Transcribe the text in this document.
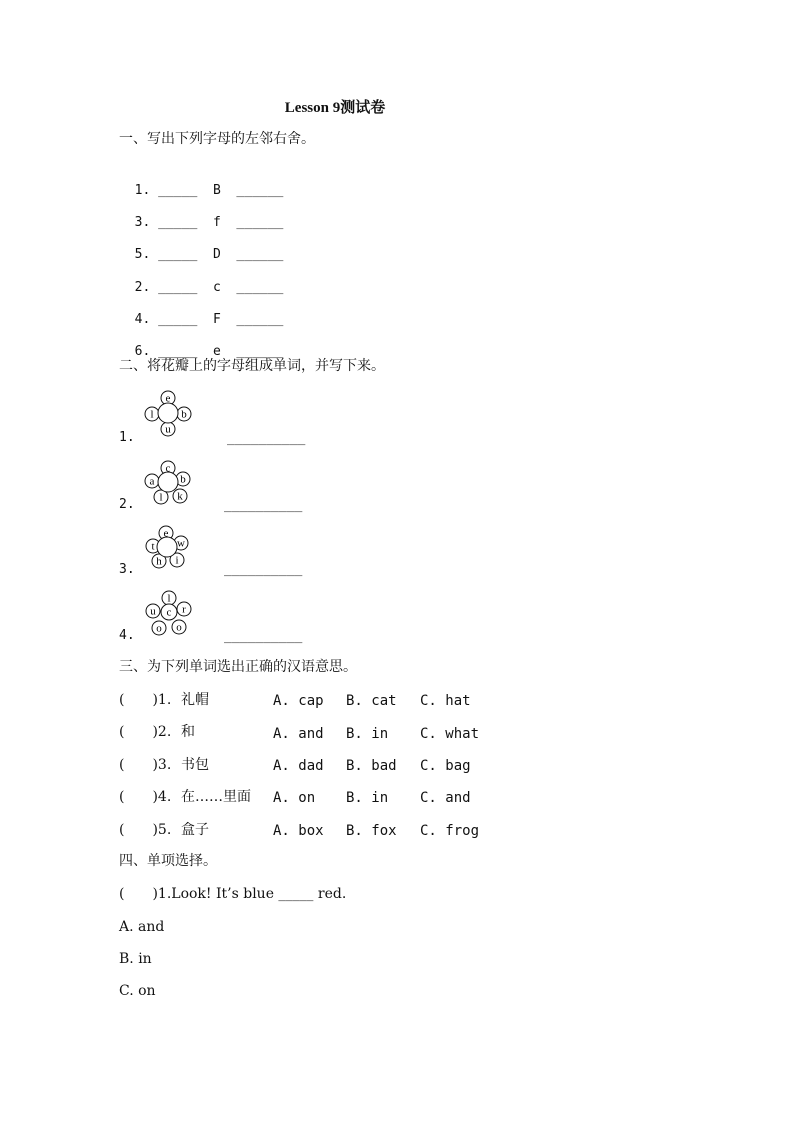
Lesson 9测试卷
一、写出下列字母的左邻右舍。

1. _____ B ______

3. _____ f ______

5. _____ D ______

2. _____ c ______

4. _____ F ______

6. _____ e ______

二、将花瓣上的字母组成单词，并写下来。
1.
e
b
u
l
__________
2.
c
b
k
l
a
__________
3.
e
w
i
h
t
__________
4.
l
r
o
o
u c
__________
三、为下列单词选出正确的汉语意思。
(　　)1. 礼帽	A. cap B. cat C. hat
(　　)2. 和	A. and B. in C. what
(　　)3. 书包	A. dad B. bad C. bag
(　　)4. 在……里面 A. on B. in C. and
(　　)5. 盒子	A. box B. fox C. frog
四、单项选择。
(　　)1.Look! It’s blue _____ red.
A. and
B. in
C. on
